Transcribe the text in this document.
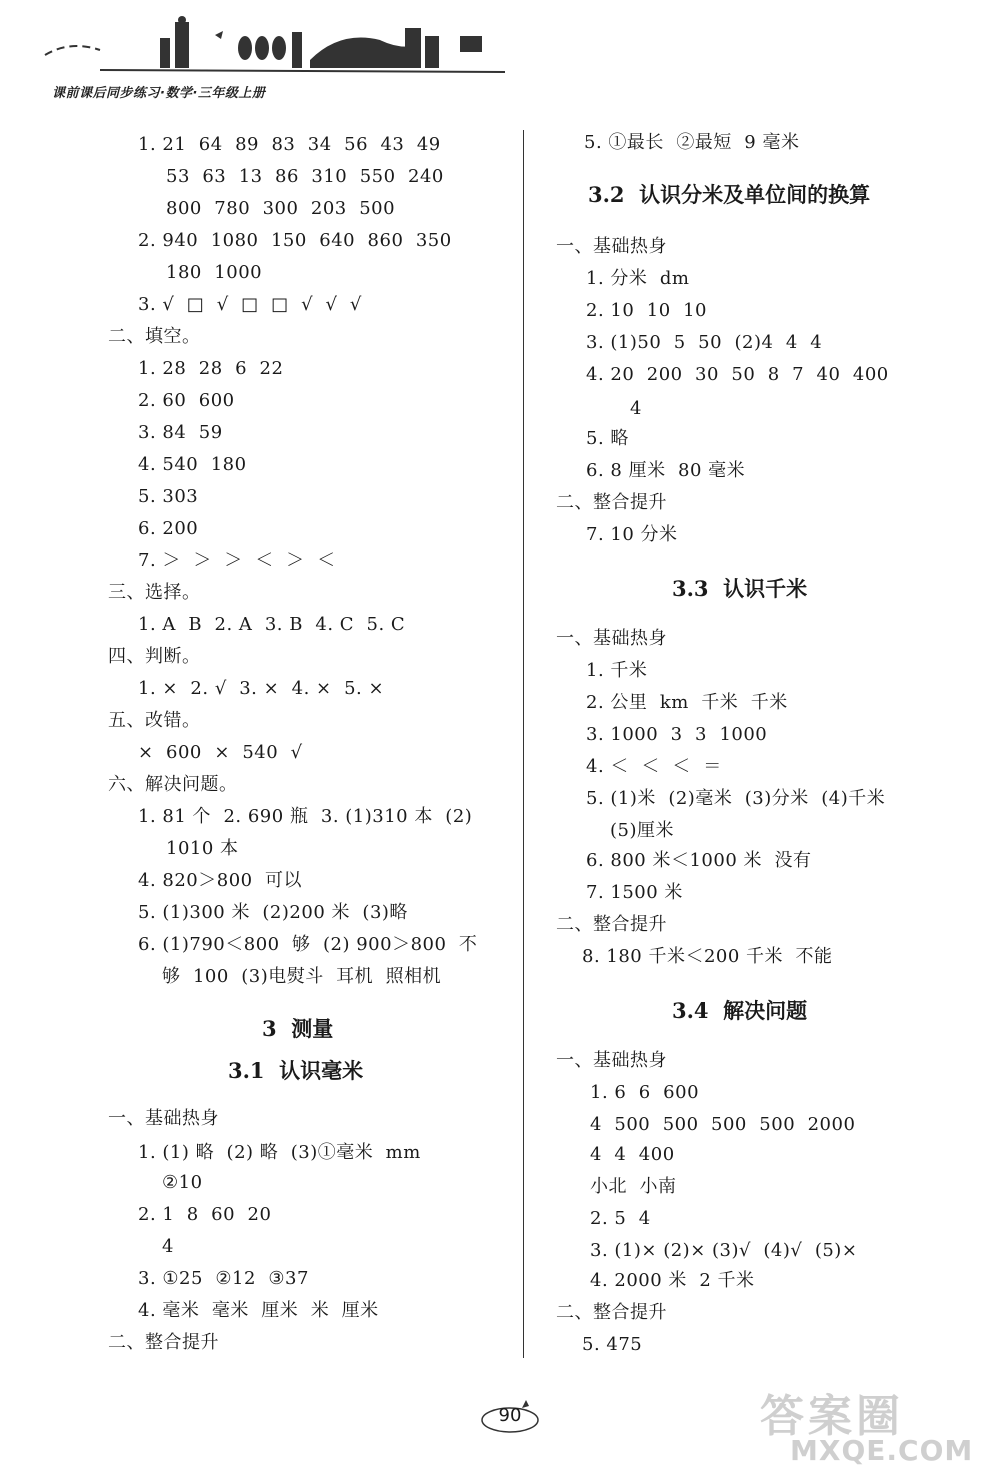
课前课后同步练习·数学·三年级上册
1. 21  64  89  83  34  56  43  49
53  63  13  86  310  550  240
800  780  300  203  500
2. 940  1080  150  640  860  350
180  1000
3. √  □  √  □  □  √  √  √
二、填空。
1. 28  28  6  22
2. 60  600
3. 84  59
4. 540  180
5. 303
6. 200
7. ＞  ＞  ＞  ＜  ＞  ＜
三、选择。
1. A  B  2. A  3. B  4. C  5. C
四、判断。
1. ×  2. √  3. ×  4. ×  5. ×
五、改错。
×  600  ×  540  √
六、解决问题。
1. 81 个  2. 690 瓶  3. (1)310 本  (2)
1010 本
4. 820＞800  可以
5. (1)300 米  (2)200 米  (3)略
6. (1)790＜800  够  (2) 900＞800  不
够  100  (3)电熨斗  耳机  照相机
3  测量
3.1  认识毫米
一、基础热身
1. (1) 略  (2) 略  (3)①毫米  mm
②10
2. 1  8  60  20
4
3. ①25  ②12  ③37
4. 毫米  毫米  厘米  米  厘米
二、整合提升
5. ①最长  ②最短  9 毫米
3.2  认识分米及单位间的换算
一、基础热身
1. 分米  dm
2. 10  10  10
3. (1)50  5  50  (2)4  4  4
4. 20  200  30  50  8  7  40  400
4
5. 略
6. 8 厘米  80 毫米
二、整合提升
7. 10 分米
3.3  认识千米
一、基础热身
1. 千米
2. 公里  km  千米  千米
3. 1000  3  3  1000
4. ＜  ＜  ＜  ＝
5. (1)米  (2)毫米  (3)分米  (4)千米
(5)厘米
6. 800 米＜1000 米  没有
7. 1500 米
二、整合提升
8. 180 千米＜200 千米  不能
3.4  解决问题
一、基础热身
1. 6  6  600
4  500  500  500  500  2000
4  4  400
小北  小南
2. 5  4
3. (1)× (2)× (3)√  (4)√  (5)×
4. 2000 米  2 千米
二、整合提升
5. 475
90	答案圈
MXQE.COM
